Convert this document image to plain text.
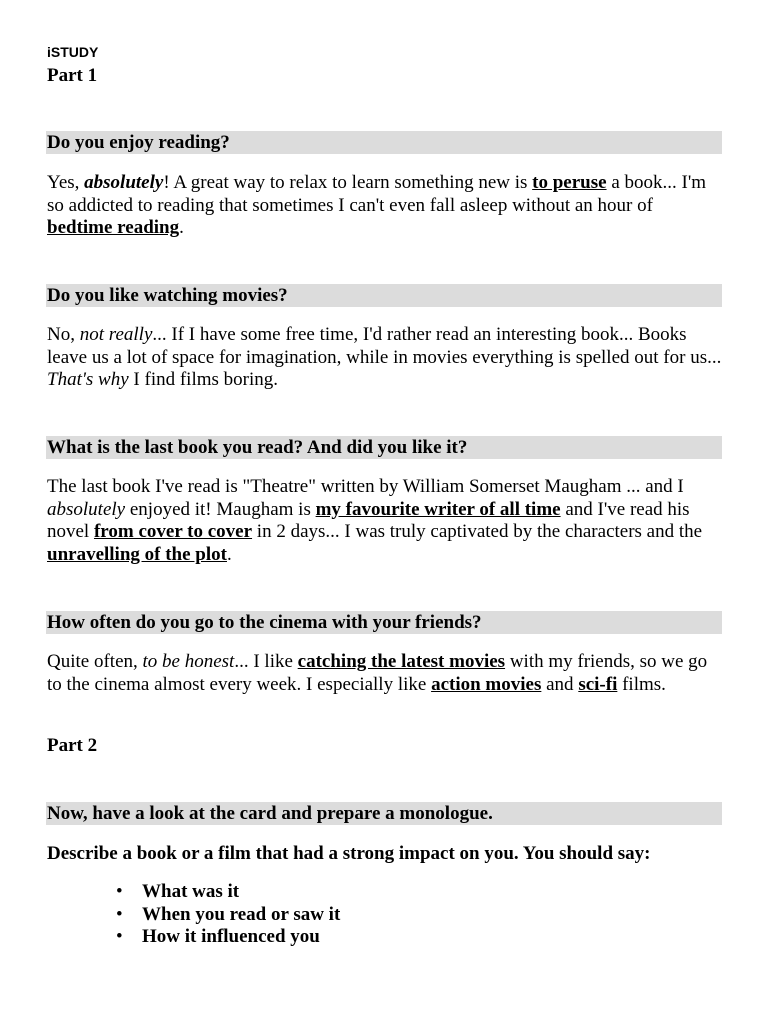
iSTUDY
Part 1
Do you enjoy reading?
Yes, absolutely! A great way to relax to learn something new is to peruse a book... I'm so addicted to reading that sometimes I can't even fall asleep without an hour of bedtime reading.
Do you like watching movies?
No, not really... If I have some free time, I'd rather read an interesting book... Books leave us a lot of space for imagination, while in movies everything is spelled out for us... That's why I find films boring.
What is the last book you read? And did you like it?
The last book I've read is "Theatre" written by William Somerset Maugham ... and I absolutely enjoyed it! Maugham is my favourite writer of all time and I've read his novel from cover to cover in 2 days... I was truly captivated by the characters and the unravelling of the plot.
How often do you go to the cinema with your friends?
Quite often, to be honest... I like catching the latest movies with my friends, so we go to the cinema almost every week. I especially like action movies and sci-fi films.
Part 2
Now, have a look at the card and prepare a monologue.
Describe a book or a film that had a strong impact on you. You should say:
• What was it
• When you read or saw it
• How it influenced you
